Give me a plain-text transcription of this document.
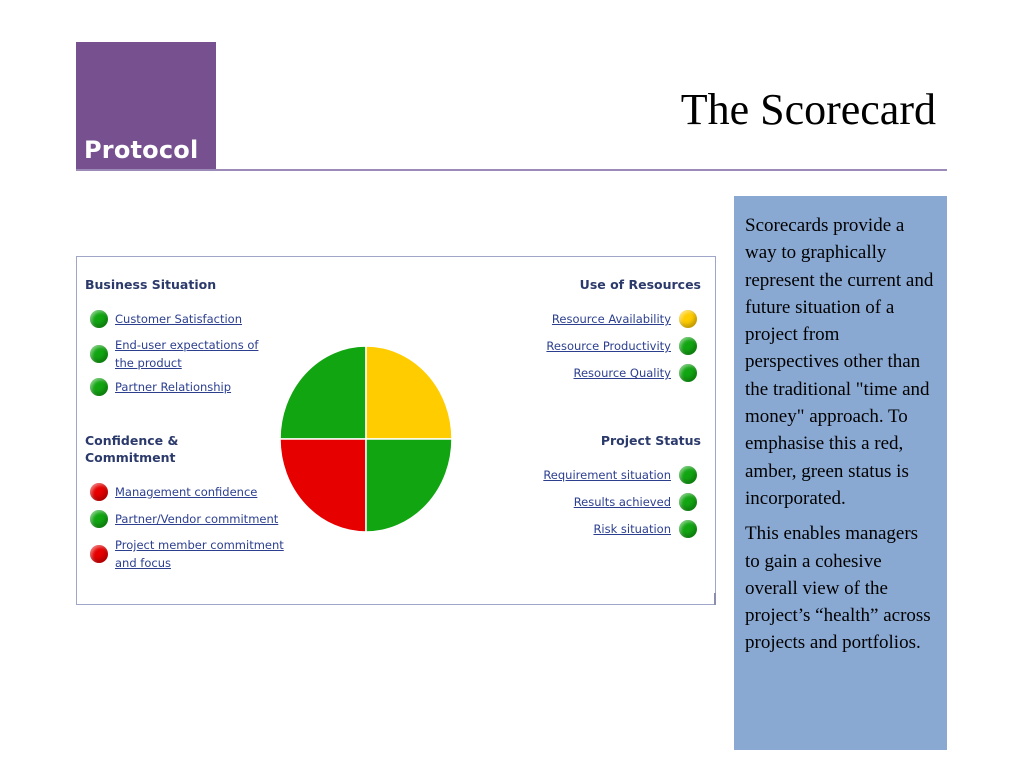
Protocol
The Scorecard
Business Situation
Customer Satisfaction
End-user expectations of
the product
Partner Relationship
Confidence &
Commitment
Management confidence
Partner/Vendor commitment
Project member commitment
and focus
Use of Resources
Resource Availability
Resource Productivity
Resource Quality
Project Status
Requirement situation
Results achieved
Risk situation

Scorecards provide a way to graphically represent the current and future situation of a project from perspectives other than the traditional "time and money" approach. To emphasise this a red, amber, green status is incorporated.

This enables managers to gain a cohesive overall view of the project’s “health” across projects and portfolios.
